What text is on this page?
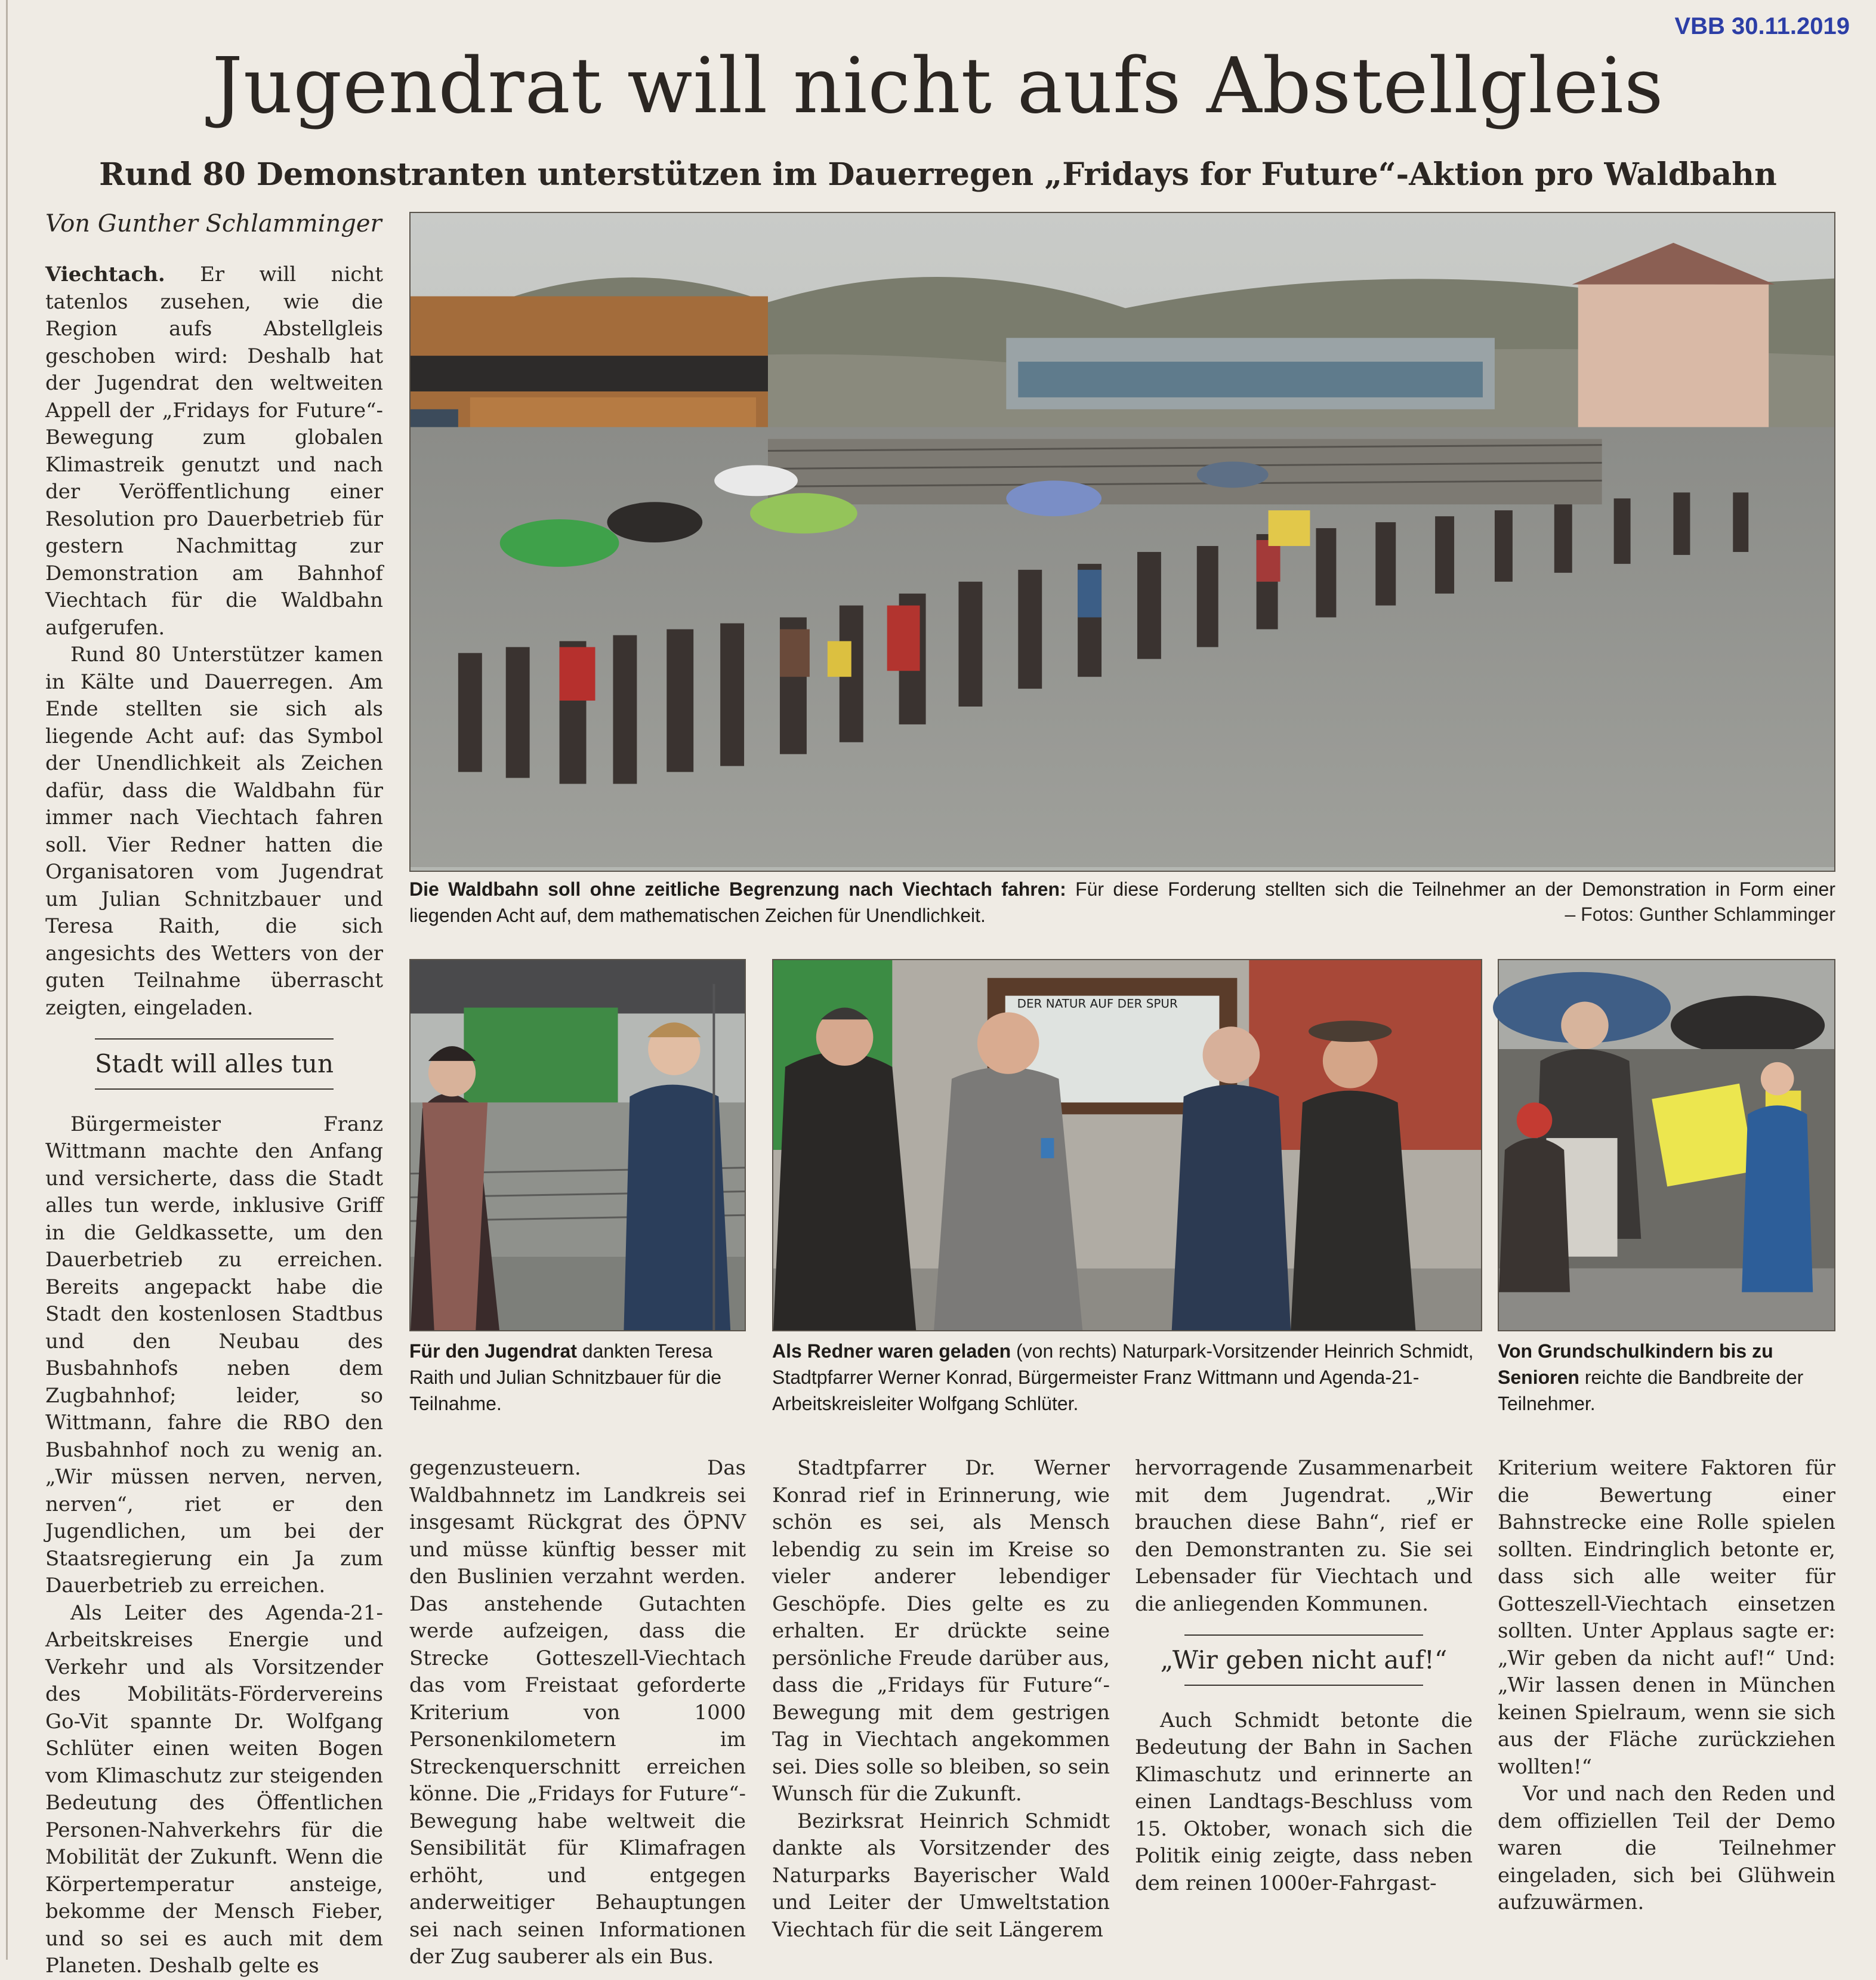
VBB 30.11.2019
Jugendrat will nicht aufs Abstellgleis
Rund 80 Demonstranten unterstützen im Dauerregen „Fridays for Future“-Aktion pro Waldbahn
Von Gunther Schlamminger

Viechtach. Er will nicht tatenlos zusehen, wie die Region aufs Abstellgleis geschoben wird: Deshalb hat der Jugendrat den weltweiten Appell der „Fridays for Future“-Bewegung zum globalen Klimastreik genutzt und nach der Veröffentlichung einer Resolution pro Dauerbetrieb für gestern Nachmittag zur Demonstration am Bahnhof Viechtach für die Waldbahn aufgerufen.

Rund 80 Unterstützer kamen in Kälte und Dauerregen. Am Ende stellten sie sich als liegende Acht auf: das Symbol der Unendlichkeit als Zeichen dafür, dass die Waldbahn für immer nach Viechtach fahren soll. Vier Redner hatten die Organisatoren vom Jugendrat um Julian Schnitzbauer und Teresa Raith, die sich angesichts des Wetters von der guten Teilnahme überrascht zeigten, eingeladen.

Stadt will alles tun

Bürgermeister Franz Wittmann machte den Anfang und versicherte, dass die Stadt alles tun werde, inklusive Griff in die Geldkassette, um den Dauerbetrieb zu erreichen. Bereits angepackt habe die Stadt den kostenlosen Stadtbus und den Neubau des Busbahnhofs neben dem Zugbahnhof; leider, so Wittmann, fahre die RBO den Busbahnhof noch zu wenig an. „Wir müssen nerven, nerven, nerven“, riet er den Jugendlichen, um bei der Staatsregierung ein Ja zum Dauerbetrieb zu erreichen.

Als Leiter des Agenda-21-Arbeitskreises Energie und Verkehr und als Vorsitzender des Mobilitäts-Fördervereins Go-Vit spannte Dr. Wolfgang Schlüter einen weiten Bogen vom Klimaschutz zur steigenden Bedeutung des Öffentlichen Personen-Nahverkehrs für die Mobilität der Zukunft. Wenn die Körpertemperatur ansteige, bekomme der Mensch Fieber, und so sei es auch mit dem Planeten. Deshalb gelte es

Die Waldbahn soll ohne zeitliche Begrenzung nach Viechtach fahren: Für diese Forderung stellten sich die Teilnehmer an der Demonstration in Form einer liegenden Acht auf, dem mathematischen Zeichen für Unendlichkeit.	– Fotos: Gunther Schlamminger
Für den Jugendrat dankten Teresa Raith und Julian Schnitzbauer für die Teilnahme.
DER NATUR AUF DER SPUR
Als Redner waren geladen (von rechts) Naturpark-Vorsitzender Heinrich Schmidt, Stadtpfarrer Werner Konrad, Bürgermeister Franz Wittmann und Agenda-21-Arbeitskreisleiter Wolfgang Schlüter.
Von Grundschulkindern bis zu Senioren reichte die Bandbreite der Teilnehmer.

gegenzusteuern. Das Waldbahnnetz im Landkreis sei insgesamt Rückgrat des ÖPNV und müsse künftig besser mit den Buslinien verzahnt werden. Das anstehende Gutachten werde aufzeigen, dass die Strecke Gotteszell-Viechtach das vom Freistaat geforderte Kriterium von 1000 Personenkilometern im Streckenquerschnitt erreichen könne. Die „Fridays for Future“-Bewegung habe weltweit die Sensibilität für Klimafragen erhöht, und entgegen anderweitiger Behauptungen sei nach seinen Informationen der Zug sauberer als ein Bus.

Stadtpfarrer Dr. Werner Konrad rief in Erinnerung, wie schön es sei, als Mensch lebendig zu sein im Kreise so vieler anderer lebendiger Geschöpfe. Dies gelte es zu erhalten. Er drückte seine persönliche Freude darüber aus, dass die „Fridays für Future“-Bewegung mit dem gestrigen Tag in Viechtach angekommen sei. Dies solle so bleiben, so sein Wunsch für die Zukunft.

Bezirksrat Heinrich Schmidt dankte als Vorsitzender des Naturparks Bayerischer Wald und Leiter der Umweltstation Viechtach für die seit Längerem

hervorragende Zusammenarbeit mit dem Jugendrat. „Wir brauchen diese Bahn“, rief er den Demonstranten zu. Sie sei Lebensader für Viechtach und die anliegenden Kommunen.

„Wir geben nicht auf!“

Auch Schmidt betonte die Bedeutung der Bahn in Sachen Klimaschutz und erinnerte an einen Landtags-Beschluss vom 15. Oktober, wonach sich die Politik einig zeigte, dass neben dem reinen 1000er-Fahrgast-

Kriterium weitere Faktoren für die Bewertung einer Bahnstrecke eine Rolle spielen sollten. Eindringlich betonte er, dass sich alle weiter für Gotteszell-Viechtach einsetzen sollten. Unter Applaus sagte er: „Wir geben da nicht auf!“ Und: „Wir lassen denen in München keinen Spielraum, wenn sie sich aus der Fläche zurückziehen wollten!“

Vor und nach den Reden und dem offiziellen Teil der Demo waren die Teilnehmer eingeladen, sich bei Glühwein aufzuwärmen.
